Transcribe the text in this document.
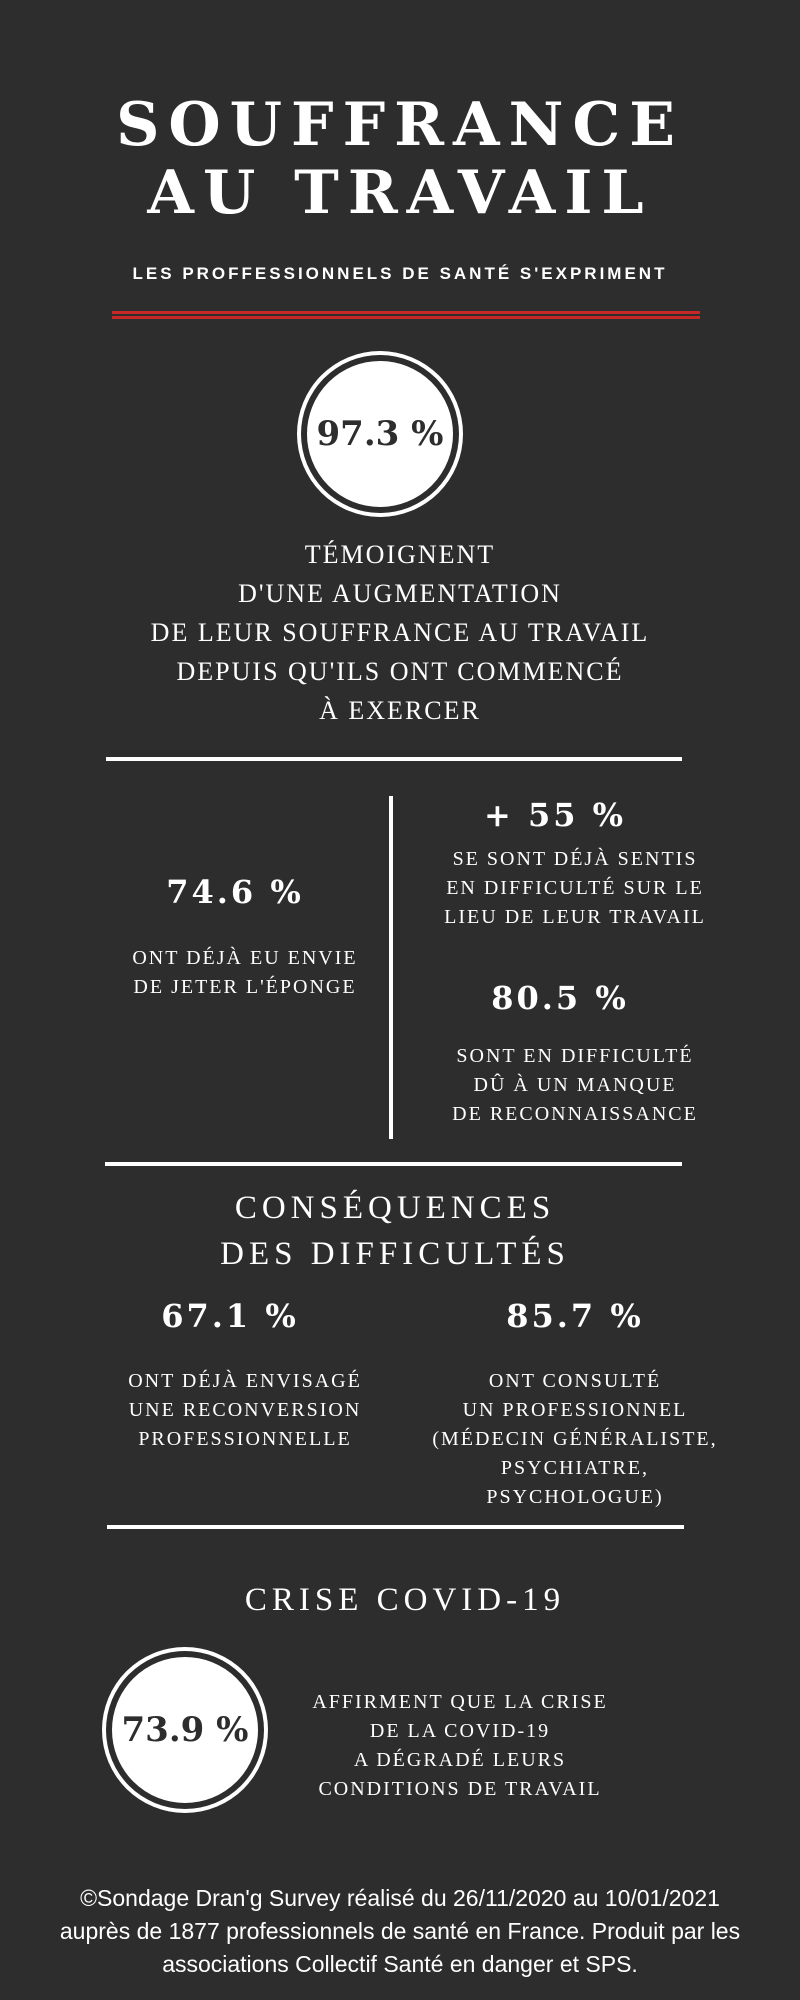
SOUFFRANCE
AU TRAVAIL
LES PROFFESSIONNELS DE SANTÉ S'EXPRIMENT
97.3 %
TÉMOIGNENT
D'UNE AUGMENTATION
DE LEUR SOUFFRANCE AU TRAVAIL
DEPUIS QU'ILS ONT COMMENCÉ
À EXERCER
74.6 %
ONT DÉJÀ EU ENVIE
DE JETER L'ÉPONGE
+ 55 %
SE SONT DÉJÀ SENTIS
EN DIFFICULTÉ SUR LE
LIEU DE LEUR TRAVAIL
80.5 %
SONT EN DIFFICULTÉ
DÛ À UN MANQUE
DE RECONNAISSANCE
CONSÉQUENCES
DES DIFFICULTÉS
67.1 %
ONT DÉJÀ ENVISAGÉ
UNE RECONVERSION
PROFESSIONNELLE
85.7 %
ONT CONSULTÉ
UN PROFESSIONNEL
(MÉDECIN GÉNÉRALISTE,
PSYCHIATRE,
PSYCHOLOGUE)
CRISE COVID-19
73.9 %
AFFIRMENT QUE LA CRISE
DE LA COVID-19
A DÉGRADÉ LEURS
CONDITIONS DE TRAVAIL
©Sondage Dran'g Survey réalisé du 26/11/2020 au 10/01/2021
auprès de 1877 professionnels de santé en France. Produit par les
associations Collectif Santé en danger et SPS.
